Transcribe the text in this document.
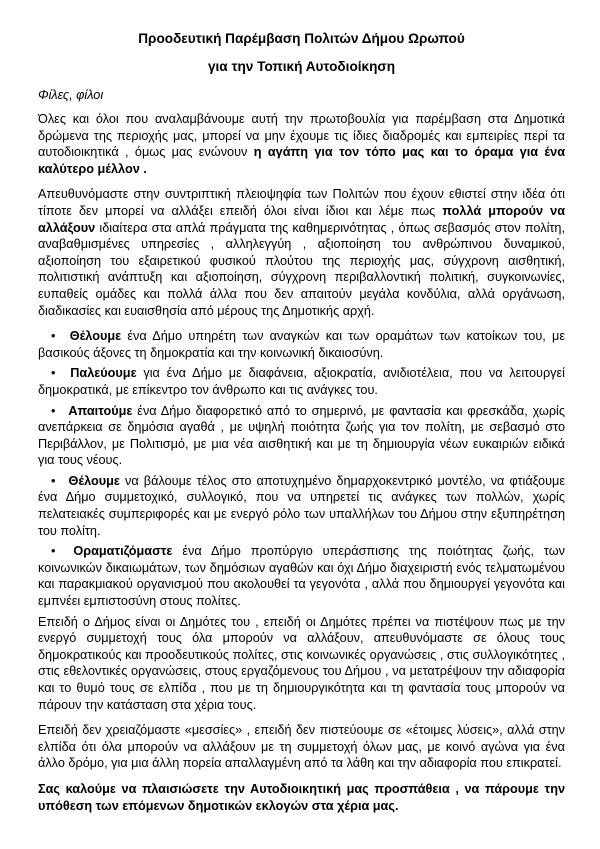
Προοδευτική Παρέμβαση Πολιτών Δήμου Ωρωπού
για την Τοπική Αυτοδιοίκηση

Φίλες, φίλοι

Όλες και όλοι που αναλαμβάνουμε αυτή την πρωτοβουλία για παρέμβαση στα Δημοτικά δρώμενα της περιοχής μας, μπορεί να μην έχουμε τις ίδιες διαδρομές και εμπειρίες περί τα αυτοδιοικητικά , όμως μας ενώνουν η αγάπη για τον τόπο μας και το όραμα για ένα καλύτερο μέλλον .

Απευθυνόμαστε στην συντριπτική πλειοψηφία των Πολιτών που έχουν εθιστεί στην ιδέα ότι τίποτε δεν μπορεί να αλλάξει επειδή όλοι είναι ίδιοι και λέμε πως πολλά μπορούν να αλλάξουν ιδιαίτερα στα απλά πράγματα της καθημερινότητας , όπως σεβασμός στον πολίτη, αναβαθμισμένες υπηρεσίες , αλληλεγγύη , αξιοποίηση του ανθρώπινου δυναμικού, αξιοποίηση του εξαιρετικού φυσικού πλούτου της περιοχής μας, σύγχρονη αισθητική, πολιτιστική ανάπτυξη και αξιοποίηση, σύγχρονη περιβαλλοντική πολιτική, συγκοινωνίες, ευπαθείς ομάδες και πολλά άλλα που δεν απαιτούν μεγάλα κονδύλια, αλλά οργάνωση, διαδικασίες και ευαισθησία από μέρους της Δημοτικής αρχή.

• Θέλουμε ένα Δήμο υπηρέτη των αναγκών και των οραμάτων των κατοίκων του, με βασικούς άξονες τη δημοκρατία και την κοινωνική δικαιοσύνη.

• Παλεύουμε για ένα Δήμο με διαφάνεια, αξιοκρατία, ανιδιοτέλεια, που να λειτουργεί δημοκρατικά, με επίκεντρο τον άνθρωπο και τις ανάγκες του.

• Απαιτούμε ένα Δήμο διαφορετικό από το σημερινό, με φαντασία και φρεσκάδα, χωρίς ανεπάρκεια σε δημόσια αγαθά , με υψηλή ποιότητα ζωής για τον πολίτη, με σεβασμό στο Περιβάλλον, με Πολιτισμό, με μια νέα αισθητική και με τη δημιουργία νέων ευκαιριών ειδικά για τους νέους.

• Θέλουμε να βάλουμε τέλος στο αποτυχημένο δημαρχοκεντρικό μοντέλο, να φτιάξουμε ένα Δήμο συμμετοχικό, συλλογικό, που να υπηρετεί τις ανάγκες των πολλών, χωρίς πελατειακές συμπεριφορές και με ενεργό ρόλο των υπαλλήλων του Δήμου στην εξυπηρέτηση του πολίτη.

• Οραματιζόμαστε ένα Δήμο προπύργιο υπεράσπισης της ποιότητας ζωής, των κοινωνικών δικαιωμάτων, των δημόσιων αγαθών και όχι Δήμο διαχειριστή ενός τελματωμένου και παρακμιακού οργανισμού που ακολουθεί τα γεγονότα , αλλά που δημιουργεί γεγονότα και εμπνέει εμπιστοσύνη στους πολίτες.

Επειδή ο Δήμος είναι οι Δημότες του , επειδή οι Δημότες πρέπει να πιστέψουν πως με την ενεργό συμμετοχή τους όλα μπορούν να αλλάξουν, απευθυνόμαστε σε όλους τους δημοκρατικούς και προοδευτικούς πολίτες, στις κοινωνικές οργανώσεις , στις συλλογικότητες , στις εθελοντικές οργανώσεις, στους εργαζόμενους του Δήμου , να μετατρέψουν την αδιαφορία και το θυμό τους σε ελπίδα , που με τη δημιουργικότητα και τη φαντασία τους μπορούν να πάρουν την κατάσταση στα χέρια τους.

Επειδή δεν χρειαζόμαστε «μεσσίες» , επειδή δεν πιστεύουμε σε «έτοιμες λύσεις», αλλά στην ελπίδα ότι όλα μπορούν να αλλάξουν με τη συμμετοχή όλων μας, με κοινό αγώνα για ένα άλλο δρόμο, για μια άλλη πορεία απαλλαγμένη από τα λάθη και την αδιαφορία που επικρατεί.

Σας καλούμε να πλαισιώσετε την Αυτοδιοικητική μας προσπάθεια , να πάρουμε την υπόθεση των επόμενων δημοτικών εκλογών στα χέρια μας.
